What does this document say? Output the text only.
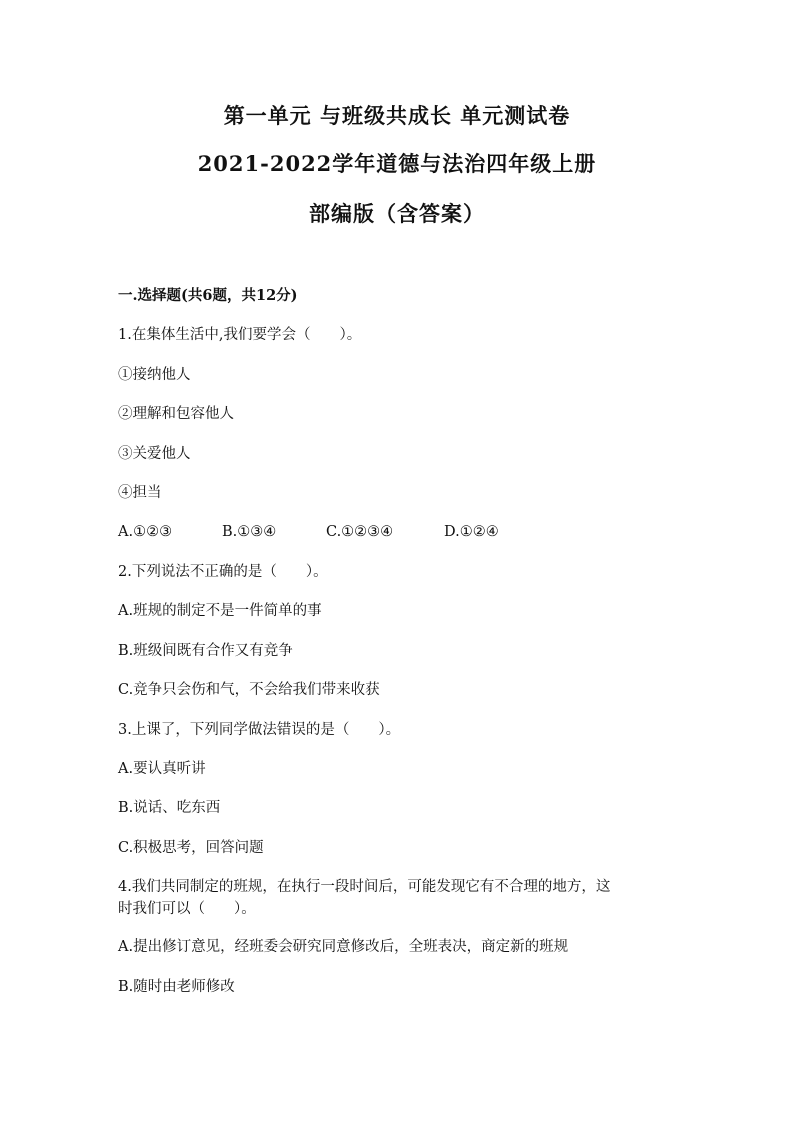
第一单元 与班级共成长 单元测试卷
2021-2022学年道德与法治四年级上册
部编版（含答案）
一.选择题(共6题，共12分)
1.在集体生活中,我们要学会（　　）。
①接纳他人
②理解和包容他人
③关爱他人
④担当
A.①②③	B.①③④	C.①②③④	D.①②④
2.下列说法不正确的是（　　）。
A.班规的制定不是一件简单的事
B.班级间既有合作又有竞争
C.竞争只会伤和气，不会给我们带来收获
3.上课了，下列同学做法错误的是（　　）。
A.要认真听讲
B.说话、吃东西
C.积极思考，回答问题
4.我们共同制定的班规，在执行一段时间后，可能发现它有不合理的地方，这
时我们可以（　　）。
A.提出修订意见，经班委会研究同意修改后，全班表决，商定新的班规
B.随时由老师修改
